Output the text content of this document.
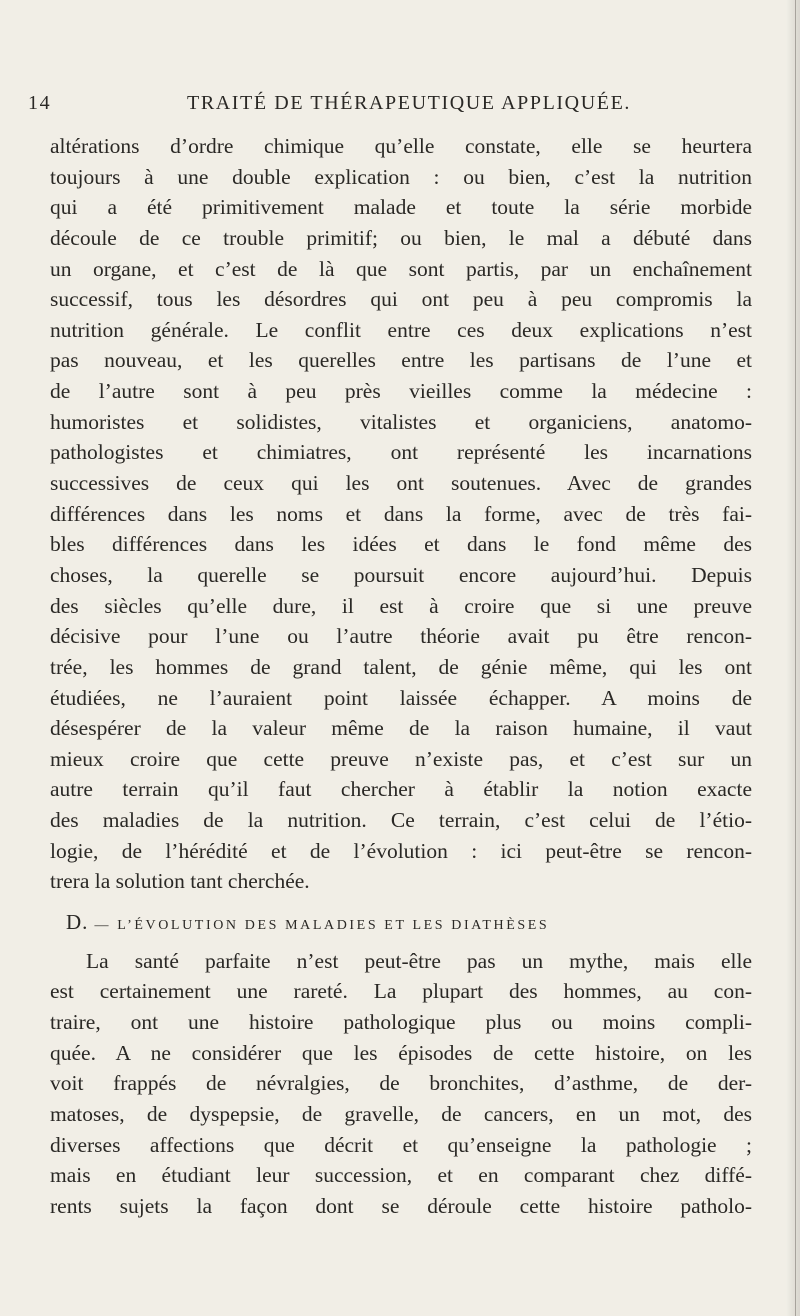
14	TRAITÉ DE THÉRAPEUTIQUE APPLIQUÉE.
altérations d’ordre chimique qu’elle constate, elle se heurtera
toujours à une double explication : ou bien, c’est la nutrition
qui a été primitivement malade et toute la série morbide
découle de ce trouble primitif; ou bien, le mal a débuté dans
un organe, et c’est de là que sont partis, par un enchaînement
successif, tous les désordres qui ont peu à peu compromis la
nutrition générale. Le conflit entre ces deux explications n’est
pas nouveau, et les querelles entre les partisans de l’une et
de l’autre sont à peu près vieilles comme la médecine :
humoristes et solidistes, vitalistes et organiciens, anatomo-
pathologistes et chimiatres, ont représenté les incarnations
successives de ceux qui les ont soutenues. Avec de grandes
différences dans les noms et dans la forme, avec de très fai-
bles différences dans les idées et dans le fond même des
choses, la querelle se poursuit encore aujourd’hui. Depuis
des siècles qu’elle dure, il est à croire que si une preuve
décisive pour l’une ou l’autre théorie avait pu être rencon-
trée, les hommes de grand talent, de génie même, qui les ont
étudiées, ne l’auraient point laissée échapper. A moins de
désespérer de la valeur même de la raison humaine, il vaut
mieux croire que cette preuve n’existe pas, et c’est sur un
autre terrain qu’il faut chercher à établir la notion exacte
des maladies de la nutrition. Ce terrain, c’est celui de l’étio-
logie, de l’hérédité et de l’évolution : ici peut-être se rencon-
trera la solution tant cherchée.
D. — L’ÉVOLUTION DES MALADIES ET LES DIATHÈSES
La santé parfaite n’est peut-être pas un mythe, mais elle
est certainement une rareté. La plupart des hommes, au con-
traire, ont une histoire pathologique plus ou moins compli-
quée. A ne considérer que les épisodes de cette histoire, on les
voit frappés de névralgies, de bronchites, d’asthme, de der-
matoses, de dyspepsie, de gravelle, de cancers, en un mot, des
diverses affections que décrit et qu’enseigne la pathologie ;
mais en étudiant leur succession, et en comparant chez diffé-
rents sujets la façon dont se déroule cette histoire patholo-
